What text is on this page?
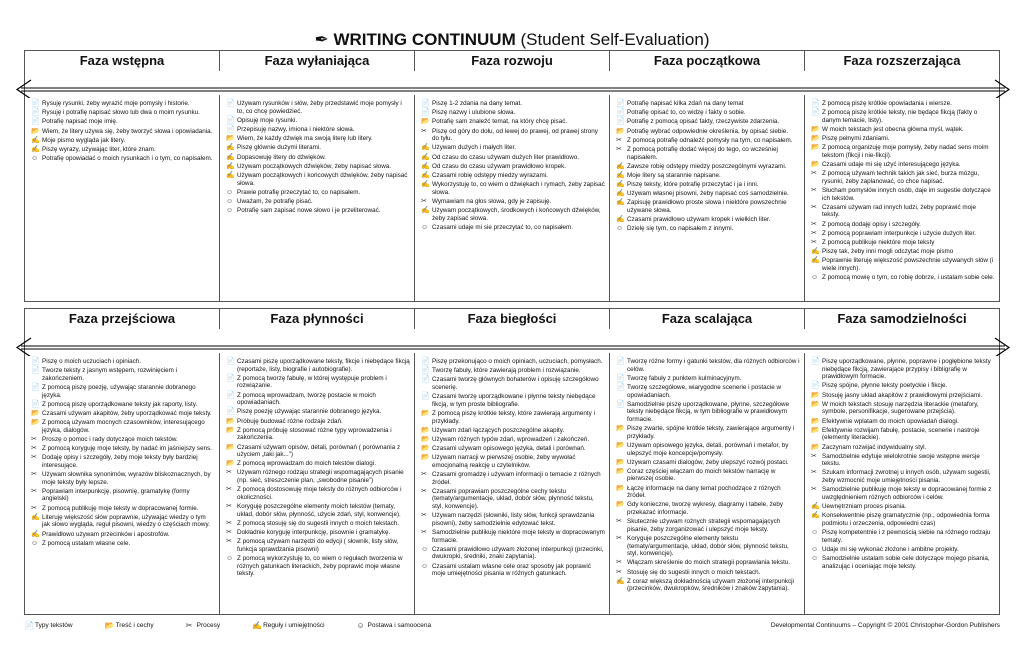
✒ WRITING CONTINUUM (Student Self-Evaluation)
Faza wstępna	Faza wyłaniająca	Faza rozwoju	Faza początkowa	Faza rozszerzająca
📄 Rysuję rysunki, żeby wyrazić moje pomysły i historie.
📄 Rysuję i potrafię napisać słowo lub dwa o moim rysunku.
📄 Potrafię napisać moje imię.
📂 Wiem, że litery używa się, żeby tworzyć słowa i opowiadania.
✍ Moje pismo wygląda jak litery.
✍ Piszę wyrazy, używając liter, które znam.
☺ Potrafię opowiadać o moich rysunkach i o tym, co napisałem.
📄 Używam rysunków i słów, żeby przedstawić moje pomysły i to, co chcę powiedzieć.
📄 Opisuję moje rysunki.
📄 Przepisuję nazwy, imiona i niektóre słowa.
📂 Wiem, że każdy dźwięk ma swoją literę lub litery.
✍ Piszę głównie dużymi literami.
✍ Dopasowuję litery do dźwięków.
✍ Używam początkowych dźwięków, żeby napisać słowa.
✍ Używam początkowych i końcowych dźwięków, żeby napisać słowa.
☺ Prawie potrafię przeczytać to, co napisałem.
☺ Uważam, że potrafię pisać.
☺ Potrafię sam zapisać nowe słowo i je przeliterować.
📄 Piszę 1-2 zdania na dany temat.
📄 Piszę nazwy i ulubione słowa.
📂 Potrafię sam znaleźć temat, na który chcę pisać.
✂ Piszę od góry do dołu, od lewej do prawej, od prawej strony do tyłu.
✍ Używam dużych i małych liter.
✍ Od czasu do czasu używam dużych liter prawidłowo.
✍ Od czasu do czasu używam prawidłowo kropek.
✍ Czasami robię odstępy miedzy wyrazami.
✍ Wykorzystuję to, co wiem o dźwiękach i rymach, żeby zapisać słowa.
✂ Wymawiam na głos słowa, gdy je zapisuję.
✍ Używam początkowych, środkowych i końcowych dźwięków, żeby zapisać słowa.
☺ Czasami udaje mi sie przeczytać to, co napisałem.
📄 Potrafię napisać kilka zdań na dany temat
📄 Potrafię opisać to, co widzę i fakty o sobie.
📄 Potrafię z pomocą opisać fakty, rzeczywiste zdarzenia.
📂 Potrafię wybrać odpowiednie określenia, by opisać siebie.
✂ Z pomocą potrafię odnaleźć pomysły na tym, co napisałem.
✂ Z pomocą potrafię dodać więcej do tego, co wcześniej napisałem.
✍ Zawsze robię odstępy miedzy poszczególnymi wyrazami.
✍ Moje litery są starannie napisane.
✍ Piszę teksty, które potrafię przeczytać i ja i inni.
✍ Używam własnej pisowni, żeby napisać coś samodzielnie.
✍ Zapisuję prawidłowo proste słowa i niektóre powszechnie używane słowa.
✍ Czasami prawidłowo używam kropek i wielkich liter.
☺ Dzielę się tym, co napisałem z innymi.
📄 Z pomocą piszę krótkie opowiadania i wiersze.
📄 Z pomocą piszę krótkie teksty, nie będące fikcją (fakty o danym temacie, listy).
📂 W moich tekstach jest obecna główna myśl, wątek.
📂 Piszę pełnymi zdaniami.
📂 Z pomocą organizuję moje pomysły, żeby nadać sens moim tekstom (fikcji i nie-fikcji).
📂 Czasami udaje mi się użyć interesującego języka.
✂ Z pomocą używam technik takich jak sieć, burza mózgu, rysunki, żeby zaplanować, co chce napisać.
✂ Słucham pomysłów innych osób, daje im sugestie dotyczące ich tekstów.
✂ Czasami używam rad innych ludzi, żeby poprawić moje teksty.
✂ Z pomocą dodaję opisy i szczegóły.
✂ Z pomocą poprawiam interpunkcje i użycie dużych liter.
✂ Z pomocą publikuje niektóre moje teksty
✍ Piszę tak, żeby inni mogli odczytać moje pismo
✍ Poprawnie literuję większość powszechnie używanych słów (i wiele innych).
☺ Z pomocą mowię o tym, co robię dobrze, i ustalam sobie cele.
Faza przejściowa	Faza płynności	Faza biegłości	Faza scalająca	Faza samodzielności
📄 Piszę o moich uczuciach i opiniach.
📄 Tworze teksty z jasnym wstępem, rozwinięciem i zakończeniem.
📄 Z pomocą piszę poezję, używając starannie dobranego języka.
📄 Z pomocą piszę uporządkowane teksty jak raporty, listy.
📂 Czasami używam akapitów, żeby uporządkować moje teksty.
📂 Z pomocą używam mocnych czasowników, interesującego języka, dialogów.
✂ Proszę o pomoc i rady dotyczące moich tekstów.
✂ Z pomocą koryguję moje teksty, by nadać im jaśniejszy sens.
✂ Dodaję opisy i szczegóły, żeby moje teksty były bardziej interesujące.
✂ Używam słownika synonimów, wyrazów bliskoznacznych, by moje teksty były lepsze.
✂ Poprawiam interpunkcję, pisownię, gramatykę (formy angielski)
✂ Z pomocą publikuję moje teksty w dopracowanej formie.
✍ Literuję większość słów poprawnie, używając wiedzy o tym jak słowo wygląda, reguł pisowni, wiedzy o częściach mowy.
✍ Prawidłowo używam przecinków i apostrofów.
☺ Z pomocą ustalam własne cele.
📄 Czasami piszę uporządkowane teksty, fikcje i niebędące fikcją (reportaże, listy, biografie i autobiografie).
📄 Z pomocą tworzę fabułę, w której występuje problem i rozwiązanie.
📄 Z pomocą wprowadzam, tworzę postacie w moich opowiadaniach.
📄 Piszę poezję używając starannie dobranego języka.
📂 Próbuję budować różne rodzaje zdań.
📂 Z pomocą próbuję stosować różne typy wprowadzenia i zakończenia.
📂 Czasami używam opisów, detali, porównań ( porównania z użyciem „taki jak...”)
📂 Z pomocą wprowadzam do moich tekstów dialogi.
✂ Używam różnego rodzaju strategii wspomagających pisanie (np. sieć, streszczenie plan, „swobodne pisanie”)
✂ Z pomocą dostosowuję moje teksty do różnych odbiorców i okoliczności.
✂ Koryguję poszczególne elementy moich tekstów (tematy, układ, dobór słów, płynność, użycie zdań, styl, konwencje).
✂ Z pomocą stosuję się do sugestii innych o moich tekstach.
✂ Dokładnie koryguję interpunkcję, pisownie i gramatykę.
✂ Z pomocą używam narzędzi do edycji ( słownik, listy słów, funkcja sprawdzania pisowni)
☺ Z pomocą wykorzystuję to, co wiem o regułach tworzenia w różnych gatunkach literackich, żeby poprawić moje własne teksty.
📄 Piszę przekonująco o moich opiniach, uczuciach, pomysłach.
📄 Tworzę fabuły, które zawierają problem i rozwiązanie.
📄 Czasami tworzę głównych bohaterów i opisuję szczegółowo scenerię.
📄 Czasami tworzę uporządkowane i płynne teksty niebędące fikcją, w tym proste bibliografie.
📂 Z pomocą piszę krótkie teksty, które zawierają argumenty i przykłady.
📂 Używam zdań łączących poszczególne akapity.
📂 Używam różnych typów zdań, wprowadzeń i zakończeń.
📂 Czasami używam opisowego języka, detali i porównań.
📂 Używam narracji w pierwszej osobie, żeby wywołać emocjonalną reakcję u czytelników.
✂ Czasami gromadzę i używam informacji o temacie z różnych źródeł.
✂ Czasami poprawiam poszczególne cechy tekstu (tematy/argumentacje, układ, dobór słów, płynność tekstu, styl, konwencje).
✂ Używam narzędzi (słowniki, listy słów, funkcji sprawdzania pisowni), żeby samodzielnie edytować tekst.
✂ Samodzielnie publikuję niektóre moje teksty w dopracowanym formacie.
☺ Czasami prawidłowo używam złożonej interpunkcji (przecinki, dwukropki, średniki, znaki zapytania).
☺ Czasami ustalam własne cele oraz sposoby jak poprawić moje umiejętności pisania w różnych gatunkach.
📄 Tworzę różne formy i gatunki tekstów, dla różnych odbiorców i celów.
📄 Tworzę fabuły z punktem kulminacyjnym.
📄 Tworzę szczegółowe, wiarygodne scenerie i postacie w opowiadaniach.
📄 Samodzielnie piszę uporządkowane, płynne, szczegółowe teksty niebędące fikcją, w tym bibliografie w prawidłowym formacie.
📂 Piszę zwarte, spójne krótkie teksty, zawierające argumenty i przykłady.
📂 Używam opisowego języka, detali, porównań i metafor, by ulepszyć moje koncepcje/pomysły.
📂 Używam czasami dialogów, żeby ulepszyć rozwój postaci.
📂 Coraz częściej włączam do moich tekstów narrację w pierwszej osobie.
📂 Łączę informacje na dany temat pochodzące z różnych źródeł.
📂 Gdy konieczne, tworzę wykresy, diagramy i tabele, żeby przekazać informacje.
✂ Skutecznie używam rożnych strategii wspomagających pisanie, żeby zorganizować i ulepszyć moje teksty.
✂ Koryguje poszczególne elementy tekstu (tematy/argumentacje, układ, dobór słów, płynność tekstu, styl, konwencje).
✂ Włączam skreślenie do moich strategii poprawiania tekstu.
✂ Stosuję się do sugestii innych o moich tekstach.
✍ Z coraz większą dokładnością używam złożonej interpunkcji (przecinków, dwukropków, średników i znaków zapytania).
📄 Piszę uporządkowane, płynne, poprawne i pogłębione teksty niebędące fikcją, zawierające przypisy i bibligrafię w prawidłowym formacie.
📄 Piszę spójne, płynne teksty poetyckie i fikcje.
📂 Stosuję jasny układ akapitów z prawidłowymi przejściami.
📂 W moich tekstach stosuję narzędzia literackie (metafory, symbole, personifikacje, sugerowane przejścia).
📂 Efektywnie wplatam do moich opowiadań dialogi.
📂 Efektywnie rozwijam fabułę, postacie, scenerie i nastroje (elementy literackie).
📂 Zaczynam rozwijać indywidualny styl.
✂ Samodzielnie edytuje wielokrotnie swoje wstępne wersje tekstu.
✂ Szukam informacji zwrotnej u innych osób, używam sugestii, żeby wzmocnić moje umiejętności pisania.
✂ Samodzielnie publikuję moje teksty w dopracowanej formie z uwzględnieniem różnych odbiorców i celów.
✍ Uewnętrzniam proces pisania.
✍ Konsekwentnie piszę gramatycznie (np., odpowiednia forma podmiotu i orzeczenia, odpowiedni czas)
☺ Piszę kompetentnie i z pewnością siebie na różnego rodzaju tematy.
☺ Udaje mi się wykonać złożone i ambitne projekty.
☺ Samodzielnie ustalam sobie cele dotyczące mojego pisania, analizując i oceniając moje teksty.
📄 Typy tekstów	📂 Treść i cechy	✂ Procesy	✍ Reguły i umiejętności	☺ Postawa i samoocena	Developmental Continuums – Copyright © 2001 Christopher-Gordon Publishers
